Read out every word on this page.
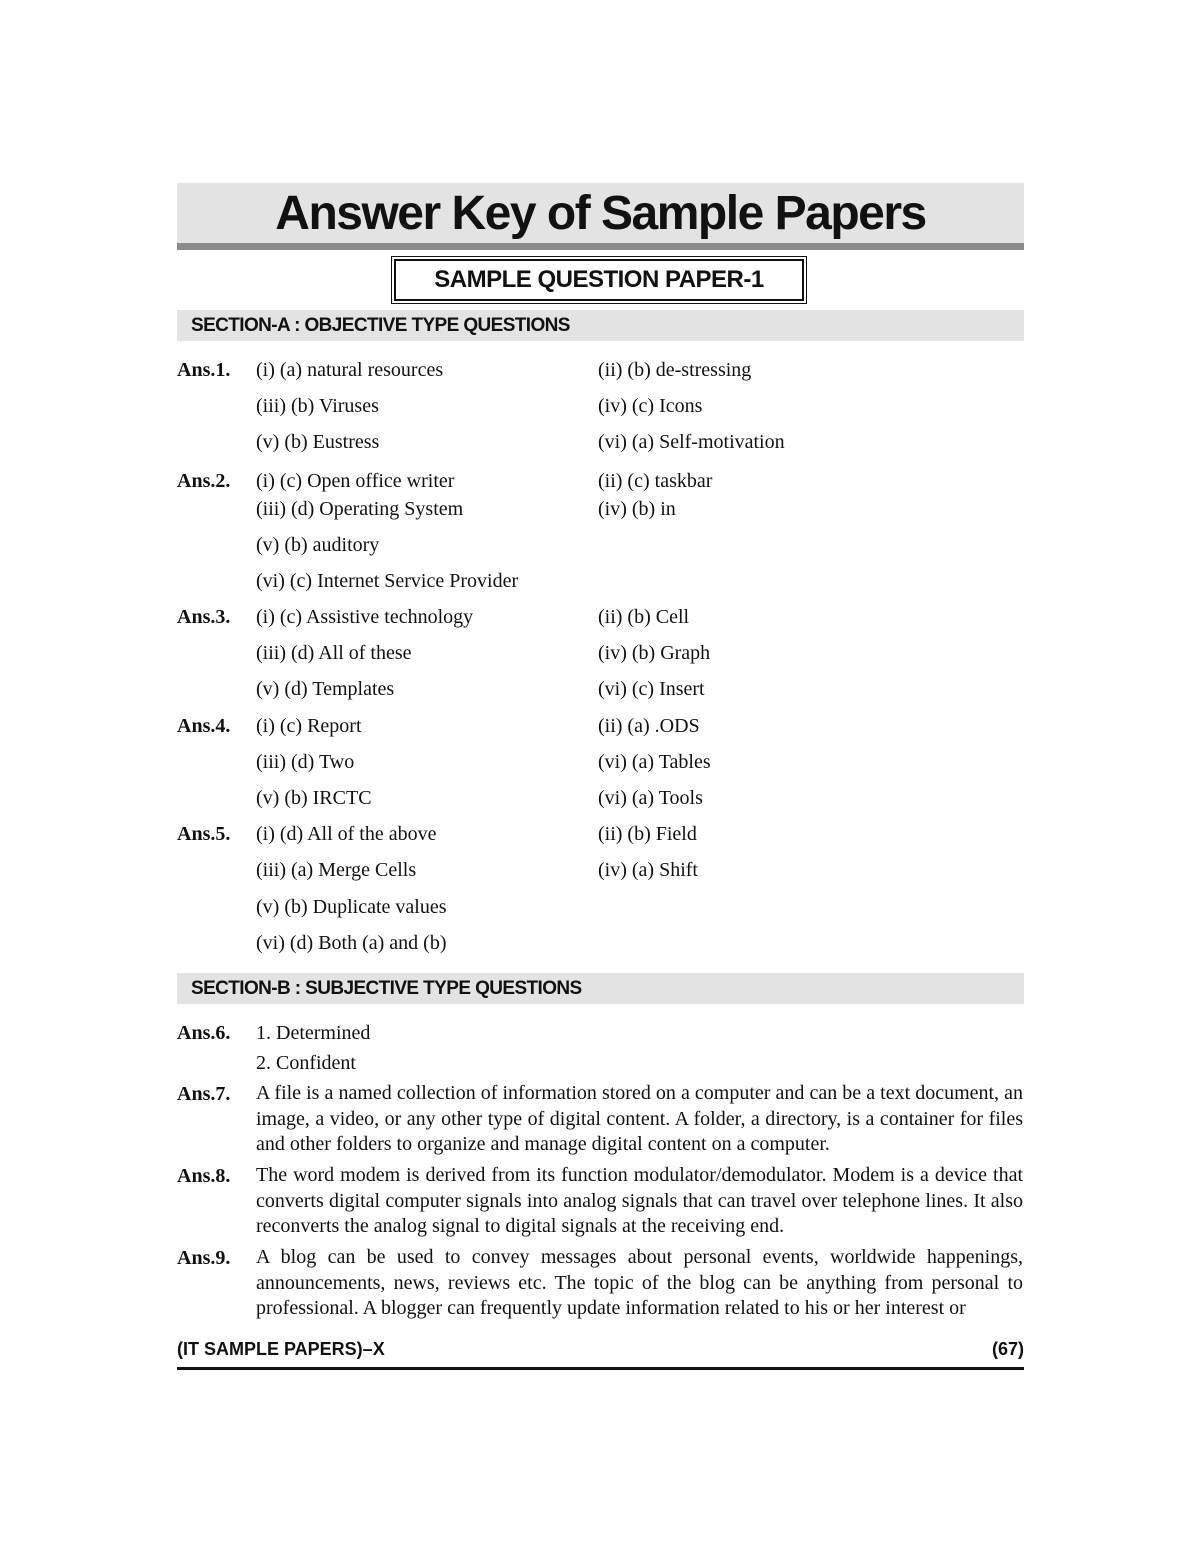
Answer Key of Sample Papers
SAMPLE QUESTION PAPER-1
SECTION-A : OBJECTIVE TYPE QUESTIONS
Ans.1. (i) (a) natural resources	(ii) (b) de-stressing
(iii) (b) Viruses	(iv) (c) Icons
(v) (b) Eustress	(vi) (a) Self-motivation
Ans.2. (i) (c) Open office writer	(ii) (c) taskbar
(iii) (d) Operating System	(iv) (b) in
(v) (b) auditory
(vi) (c) Internet Service Provider
Ans.3. (i) (c) Assistive technology	(ii) (b) Cell
(iii) (d) All of these	(iv) (b) Graph
(v) (d) Templates	(vi) (c) Insert
Ans.4. (i) (c) Report	(ii) (a) .ODS
(iii) (d) Two	(vi) (a) Tables
(v) (b) IRCTC	(vi) (a) Tools
Ans.5. (i) (d) All of the above	(ii) (b) Field
(iii) (a) Merge Cells	(iv) (a) Shift
(v) (b) Duplicate values
(vi) (d) Both (a) and (b)
SECTION-B : SUBJECTIVE TYPE QUESTIONS
Ans.6. 1. Determined
2. Confident
Ans.7. A file is a named collection of information stored on a computer and can be a text document, an image, a video, or any other type of digital content. A folder, a directory, is a container for files and other folders to organize and manage digital content on a computer.
Ans.8. The word modem is derived from its function modulator/demodulator. Modem is a device that converts digital computer signals into analog signals that can travel over telephone lines. It also reconverts the analog signal to digital signals at the receiving end.
Ans.9. A blog can be used to convey messages about personal events, worldwide happenings, announcements, news, reviews etc. The topic of the blog can be anything from personal to professional. A blogger can frequently update information related to his or her interest or
(IT SAMPLE PAPERS)–X	(67)
